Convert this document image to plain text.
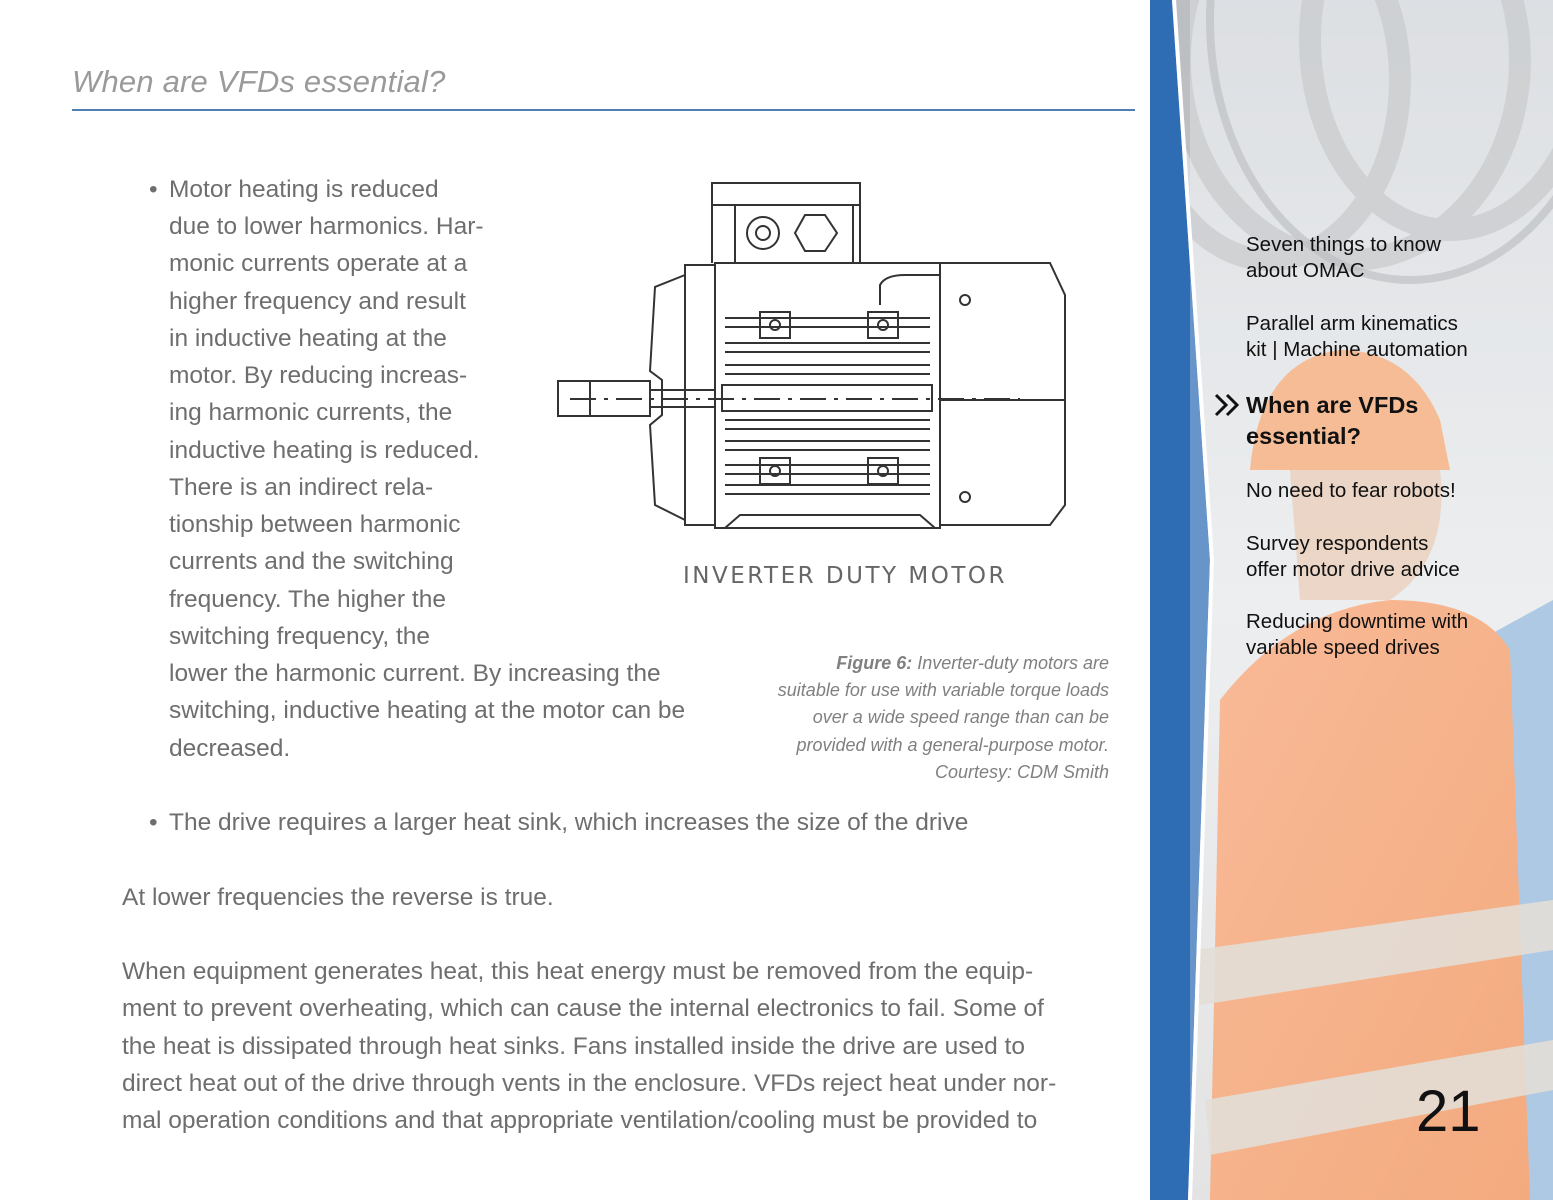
When are VFDs essential?
• Motor heating is reduced
due to lower harmonics. Har-
monic currents operate at a
higher frequency and result
in inductive heating at the
motor. By reducing increas-
ing harmonic currents, the
inductive heating is reduced.
There is an indirect rela-
tionship between harmonic
currents and the switching
frequency. The higher the
switching frequency, the
lower the harmonic current. By increasing the
switching, inductive heating at the motor can be
decreased.
INVERTER DUTY MOTOR
Figure 6: Inverter-duty motors are
suitable for use with variable torque loads
over a wide speed range than can be
provided with a general-purpose motor.
Courtesy: CDM Smith
• The drive requires a larger heat sink, which increases the size of the drive
At lower frequencies the reverse is true.
When equipment generates heat, this heat energy must be removed from the equip-
ment to prevent overheating, which can cause the internal electronics to fail. Some of
the heat is dissipated through heat sinks. Fans installed inside the drive are used to
direct heat out of the drive through vents in the enclosure. VFDs reject heat under nor-
mal operation conditions and that appropriate ventilation/cooling must be provided to
Seven things to know
about OMAC
Parallel arm kinematics
kit | Machine automation
When are VFDs
essential?
No need to fear robots!
Survey respondents
offer motor drive advice
Reducing downtime with
variable speed drives
21
